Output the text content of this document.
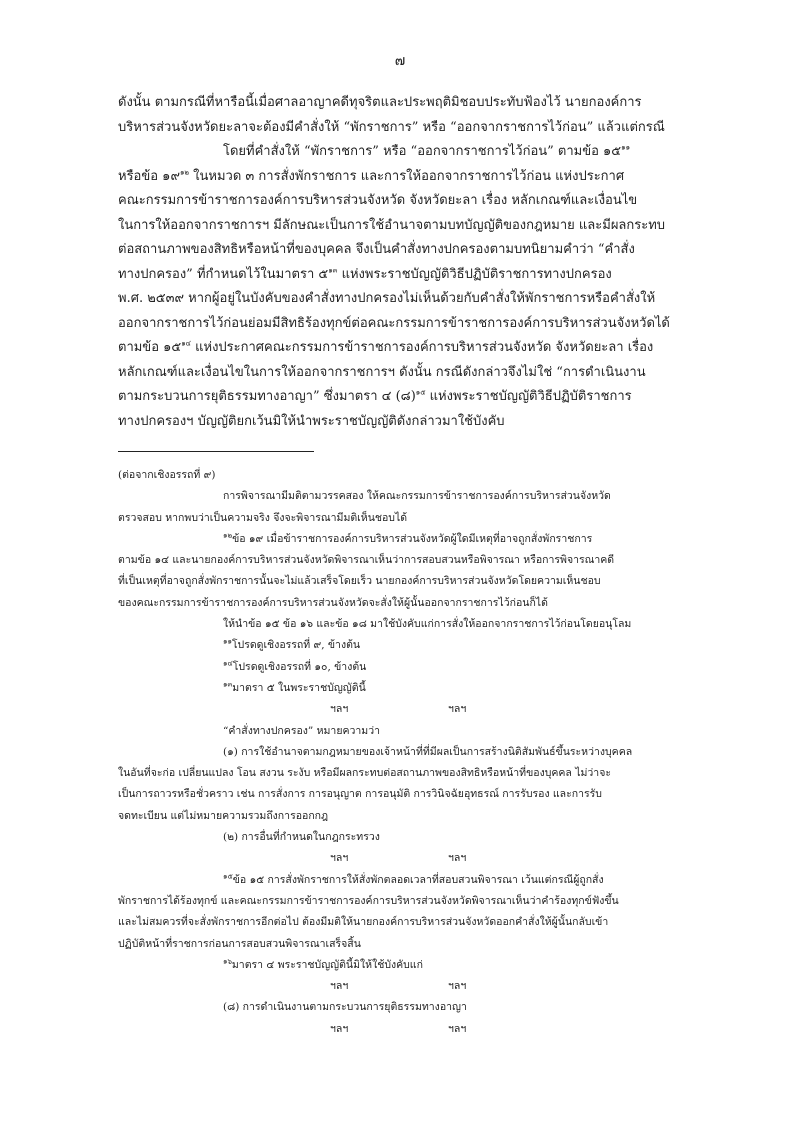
๗
ดังนั้น ตามกรณีที่หารือนี้เมื่อศาลอาญาคดีทุจริตและประพฤติมิชอบประทับฟ้องไว้ นายกองค์การ
บริหารส่วนจังหวัดยะลาจะต้องมีคำสั่งให้ “พักราชการ” หรือ “ออกจากราชการไว้ก่อน” แล้วแต่กรณี
โดยที่คำสั่งให้ “พักราชการ” หรือ “ออกจากราชการไว้ก่อน” ตามข้อ ๑๕$^{๑๑}$
หรือข้อ ๑๙$^{๑๒}$ ในหมวด ๓ การสั่งพักราชการ และการให้ออกจากราชการไว้ก่อน แห่งประกาศ
คณะกรรมการข้าราชการองค์การบริหารส่วนจังหวัด จังหวัดยะลา เรื่อง หลักเกณฑ์และเงื่อนไข
ในการให้ออกจากราชการฯ มีลักษณะเป็นการใช้อำนาจตามบทบัญญัติของกฎหมาย และมีผลกระทบ
ต่อสถานภาพของสิทธิหรือหน้าที่ของบุคคล จึงเป็นคำสั่งทางปกครองตามบทนิยามคำว่า “คำสั่ง
ทางปกครอง” ที่กำหนดไว้ในมาตรา ๕$^{๑๓}$ แห่งพระราชบัญญัติวิธีปฏิบัติราชการทางปกครอง
พ.ศ. ๒๕๓๙ หากผู้อยู่ในบังคับของคำสั่งทางปกครองไม่เห็นด้วยกับคำสั่งให้พักราชการหรือคำสั่งให้
ออกจากราชการไว้ก่อนย่อมมีสิทธิร้องทุกข์ต่อคณะกรรมการข้าราชการองค์การบริหารส่วนจังหวัดได้
ตามข้อ ๑๕$^{๑๔}$ แห่งประกาศคณะกรรมการข้าราชการองค์การบริหารส่วนจังหวัด จังหวัดยะลา เรื่อง
หลักเกณฑ์และเงื่อนไขในการให้ออกจากราชการฯ ดังนั้น กรณีดังกล่าวจึงไม่ใช่ “การดำเนินงาน
ตามกระบวนการยุติธรรมทางอาญา” ซึ่งมาตรา ๔ (๘)$^{๑๕}$ แห่งพระราชบัญญัติวิธีปฏิบัติราชการ
ทางปกครองฯ บัญญัติยกเว้นมิให้นำพระราชบัญญัติดังกล่าวมาใช้บังคับ
(ต่อจากเชิงอรรถที่ ๙)
การพิจารณามีมติตามวรรคสอง ให้คณะกรรมการข้าราชการองค์การบริหารส่วนจังหวัด
ตรวจสอบ หากพบว่าเป็นความจริง จึงจะพิจารณามีมติเห็นชอบได้
$^{๑๒}$ข้อ ๑๙ เมื่อข้าราชการองค์การบริหารส่วนจังหวัดผู้ใดมีเหตุที่อาจถูกสั่งพักราชการ
ตามข้อ ๑๔ และนายกองค์การบริหารส่วนจังหวัดพิจารณาเห็นว่าการสอบสวนหรือพิจารณา หรือการพิจารณาคดี
ที่เป็นเหตุที่อาจถูกสั่งพักราชการนั้นจะไม่แล้วเสร็จโดยเร็ว นายกองค์การบริหารส่วนจังหวัดโดยความเห็นชอบ
ของคณะกรรมการข้าราชการองค์การบริหารส่วนจังหวัดจะสั่งให้ผู้นั้นออกจากราชการไว้ก่อนก็ได้
ให้นำข้อ ๑๕ ข้อ ๑๖ และข้อ ๑๘ มาใช้บังคับแก่การสั่งให้ออกจากราชการไว้ก่อนโดยอนุโลม
$^{๑๑}$โปรดดูเชิงอรรถที่ ๙, ข้างต้น
$^{๑๔}$โปรดดูเชิงอรรถที่ ๑๐, ข้างต้น
$^{๑๓}$มาตรา ๕ ในพระราชบัญญัตินี้
ฯลฯ	ฯลฯ
“คำสั่งทางปกครอง” หมายความว่า
(๑) การใช้อำนาจตามกฎหมายของเจ้าหน้าที่ที่มีผลเป็นการสร้างนิติสัมพันธ์ขึ้นระหว่างบุคคล
ในอันที่จะก่อ เปลี่ยนแปลง โอน สงวน ระงับ หรือมีผลกระทบต่อสถานภาพของสิทธิหรือหน้าที่ของบุคคล ไม่ว่าจะ
เป็นการถาวรหรือชั่วคราว เช่น การสั่งการ การอนุญาต การอนุมัติ การวินิจฉัยอุทธรณ์ การรับรอง และการรับ
จดทะเบียน แต่ไม่หมายความรวมถึงการออกกฎ
(๒) การอื่นที่กำหนดในกฎกระทรวง
ฯลฯ	ฯลฯ
$^{๑๕}$ข้อ ๑๕ การสั่งพักราชการให้สั่งพักตลอดเวลาที่สอบสวนพิจารณา เว้นแต่กรณีผู้ถูกสั่ง
พักราชการได้ร้องทุกข์ และคณะกรรมการข้าราชการองค์การบริหารส่วนจังหวัดพิจารณาเห็นว่าคำร้องทุกข์ฟังขึ้น
และไม่สมควรที่จะสั่งพักราชการอีกต่อไป ต้องมีมติให้นายกองค์การบริหารส่วนจังหวัดออกคำสั่งให้ผู้นั้นกลับเข้า
ปฏิบัติหน้าที่ราชการก่อนการสอบสวนพิจารณาเสร็จสิ้น
$^{๑๖}$มาตรา ๔ พระราชบัญญัตินี้มิให้ใช้บังคับแก่
ฯลฯ	ฯลฯ
(๘) การดำเนินงานตามกระบวนการยุติธรรมทางอาญา
ฯลฯ	ฯลฯ
